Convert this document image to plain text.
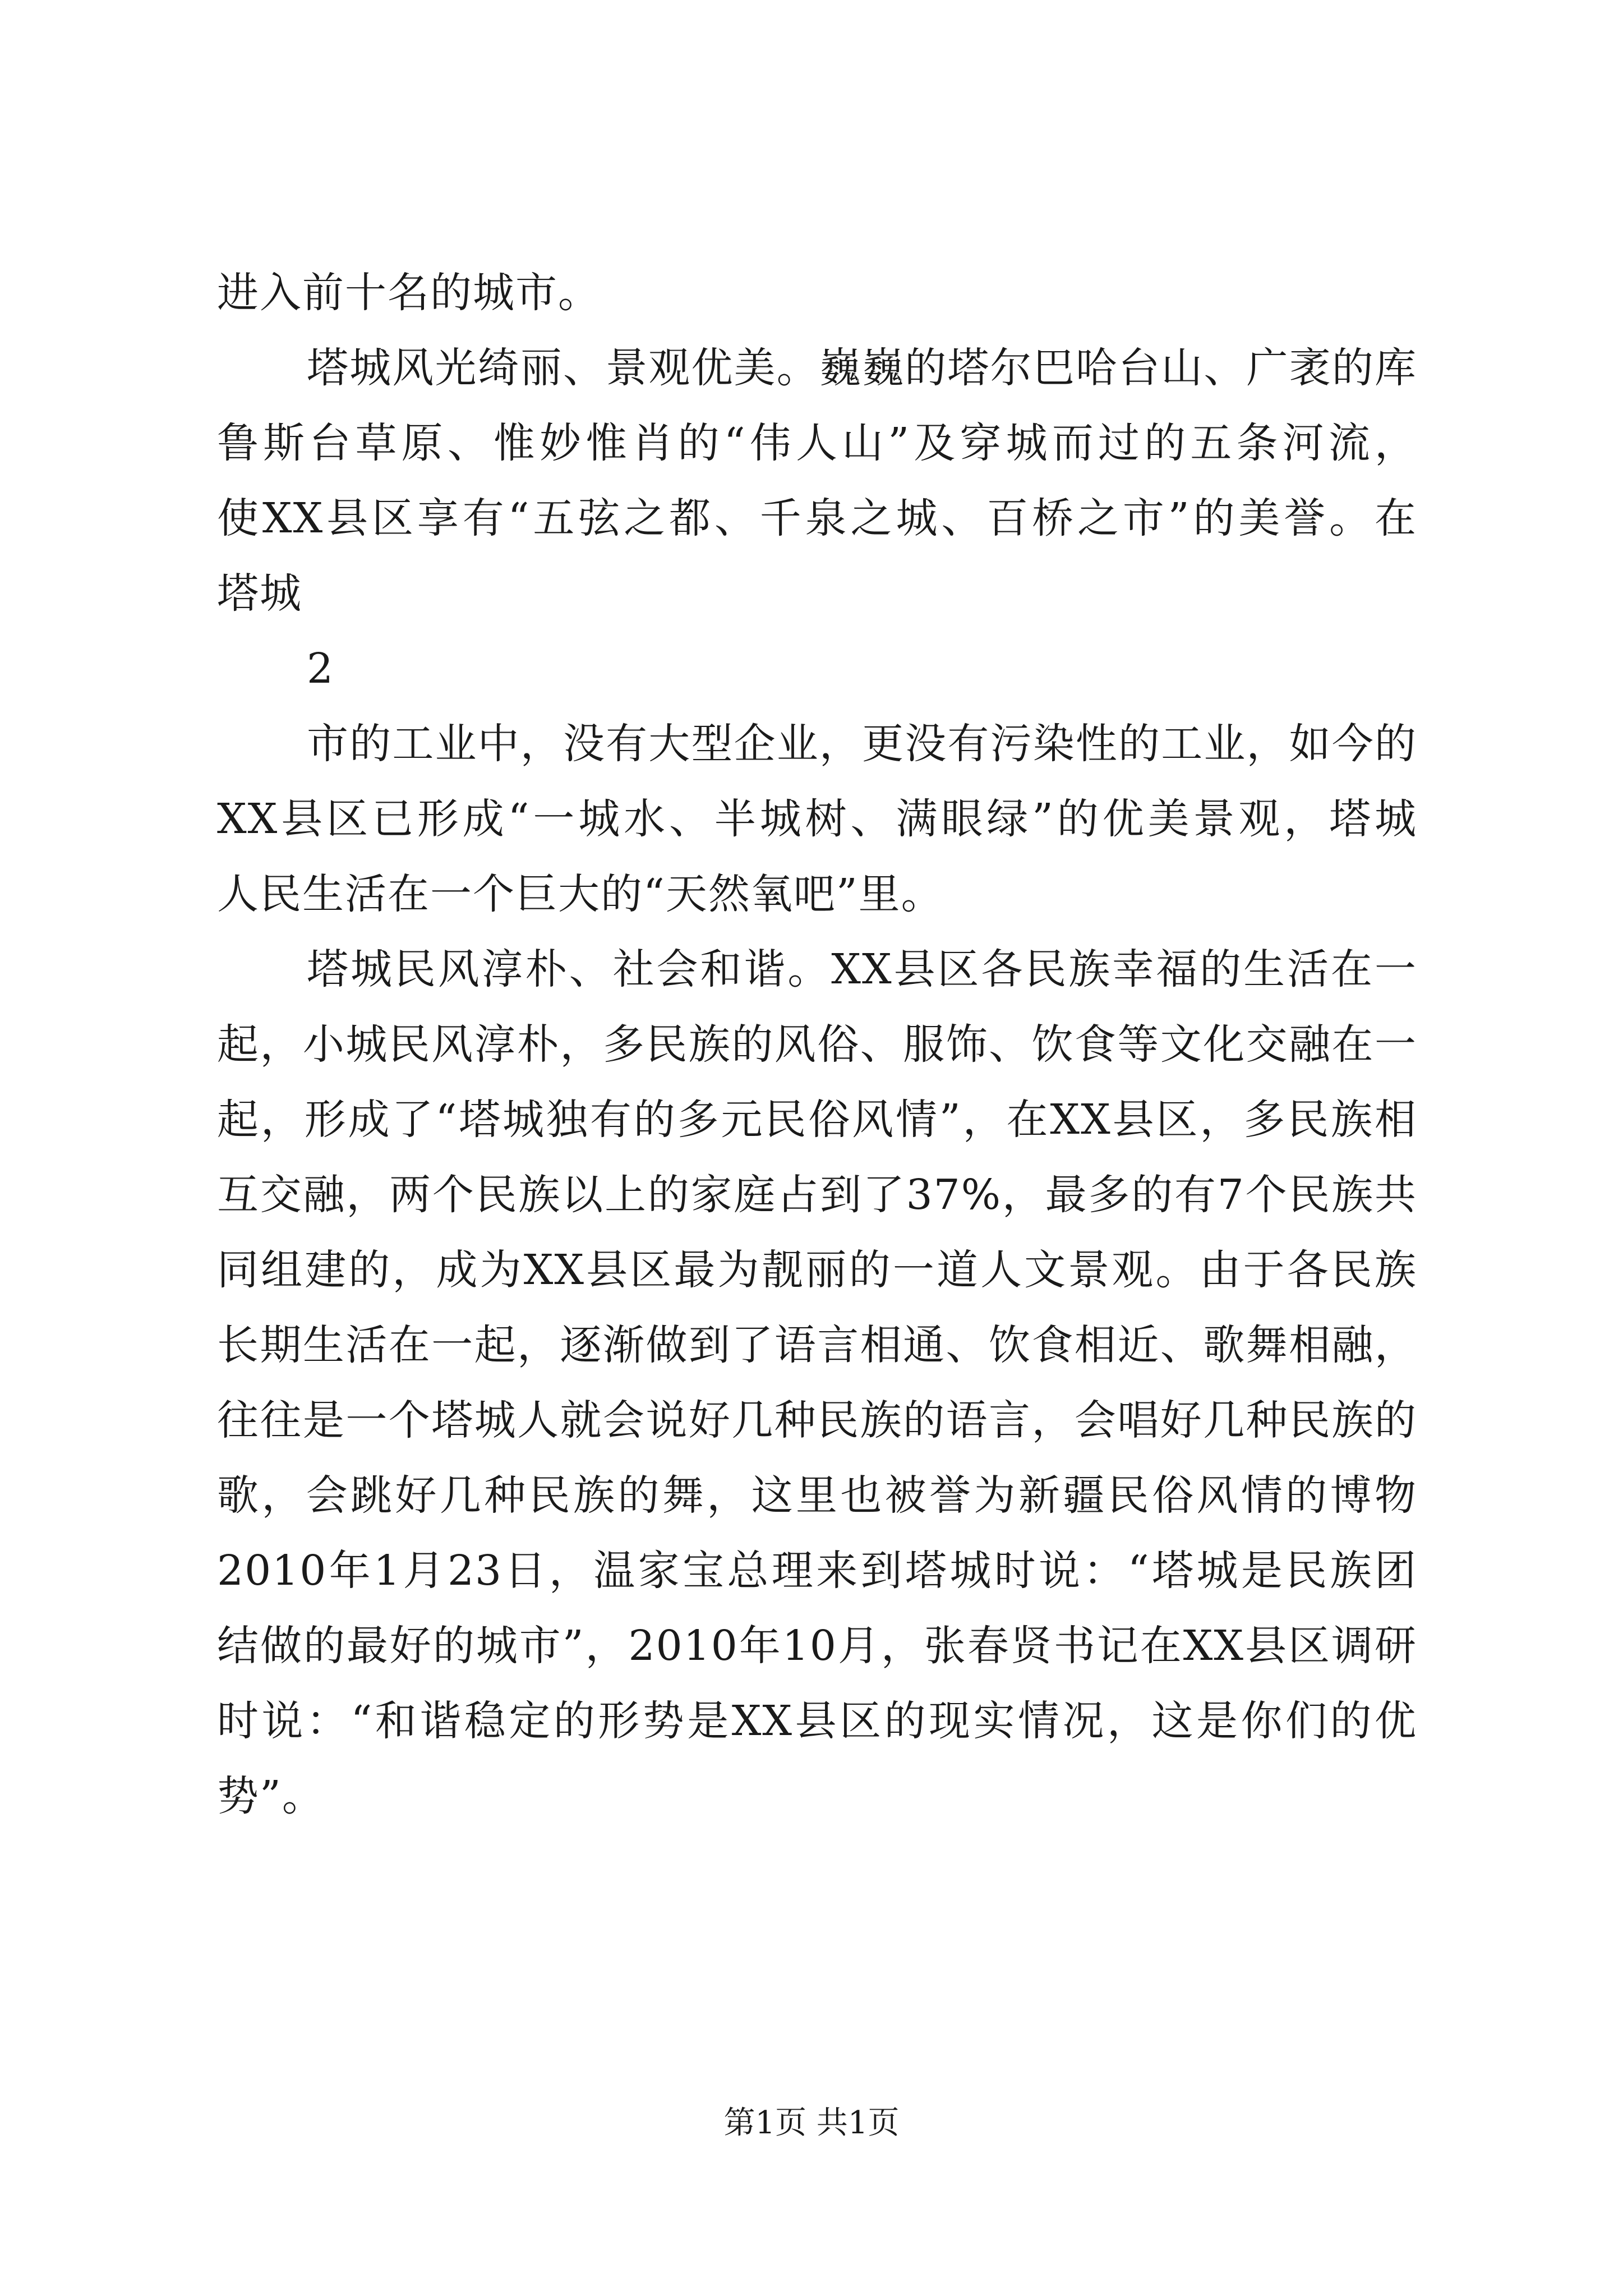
进入前十名的城市。
塔城风光绮丽、景观优美。巍巍的塔尔巴哈台山、广袤的库
鲁斯台草原、惟妙惟肖的“伟人山”及穿城而过的五条河流，
使XX县区享有“五弦之都、千泉之城、百桥之市”的美誉。在
塔城
2
市的工业中，没有大型企业，更没有污染性的工业，如今的
XX县区已形成“一城水、半城树、满眼绿”的优美景观，塔城
人民生活在一个巨大的“天然氧吧”里。
塔城民风淳朴、社会和谐。XX县区各民族幸福的生活在一
起，小城民风淳朴，多民族的风俗、服饰、饮食等文化交融在一
起，形成了“塔城独有的多元民俗风情”，在XX县区，多民族相
互交融，两个民族以上的家庭占到了37%，最多的有7个民族共
同组建的，成为XX县区最为靓丽的一道人文景观。由于各民族
长期生活在一起，逐渐做到了语言相通、饮食相近、歌舞相融，
往往是一个塔城人就会说好几种民族的语言，会唱好几种民族的
歌，会跳好几种民族的舞，这里也被誉为新疆民俗风情的博物
2010年1月23日，温家宝总理来到塔城时说：“塔城是民族团
结做的最好的城市”，2010年10月，张春贤书记在XX县区调研
时说：“和谐稳定的形势是XX县区的现实情况，这是你们的优
势”。
第1页 共1页
